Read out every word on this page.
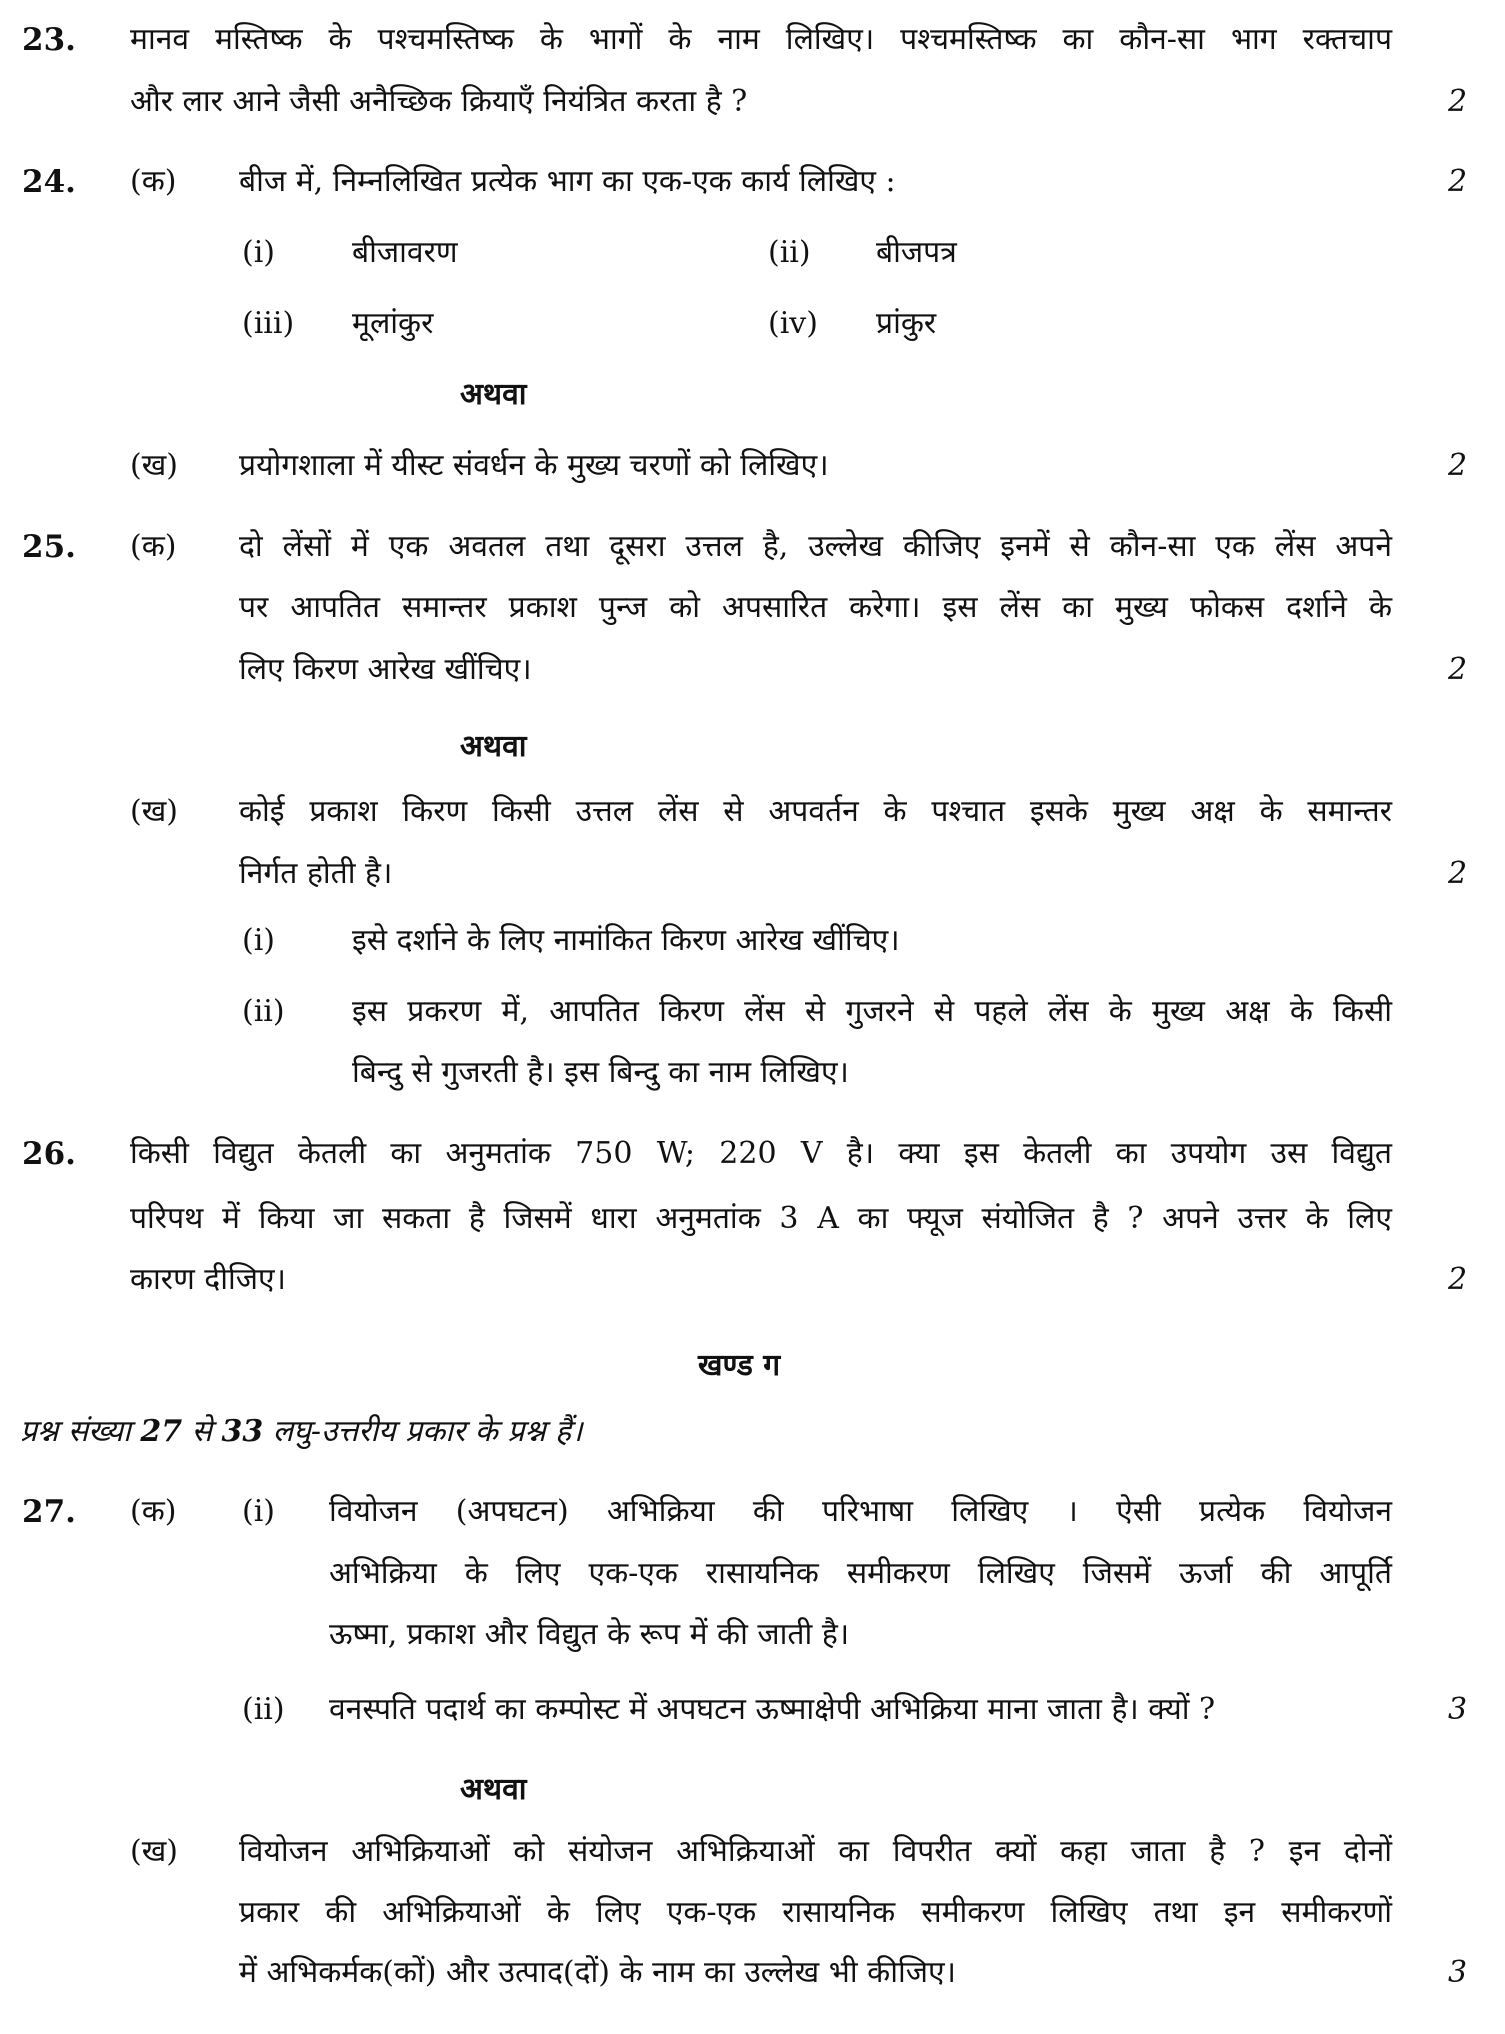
23. मानव मस्तिष्क के पश्चमस्तिष्क के भागों के नाम लिखिए। पश्चमस्तिष्क का कौन-सा भाग रक्तचाप
और लार आने जैसी अनैच्छिक क्रियाएँ नियंत्रित करता है ?	2
24. (क) बीज में, निम्नलिखित प्रत्येक भाग का एक-एक कार्य लिखिए :	2
(i)	बीजावरण	(ii) बीजपत्र
(iii) मूलांकुर	(iv) प्रांकुर
अथवा
(ख) प्रयोगशाला में यीस्ट संवर्धन के मुख्य चरणों को लिखिए।	2
25. (क) दो लेंसों में एक अवतल तथा दूसरा उत्तल है, उल्लेख कीजिए इनमें से कौन-सा एक लेंस अपने
पर आपतित समान्तर प्रकाश पुन्ज को अपसारित करेगा। इस लेंस का मुख्य फोकस दर्शाने के
लिए किरण आरेख खींचिए।	2
अथवा
(ख) कोई प्रकाश किरण किसी उत्तल लेंस से अपवर्तन के पश्चात इसके मुख्य अक्ष के समान्तर
निर्गत होती है।	2
(i)	इसे दर्शाने के लिए नामांकित किरण आरेख खींचिए।
(ii) इस प्रकरण में, आपतित किरण लेंस से गुजरने से पहले लेंस के मुख्य अक्ष के किसी
बिन्दु से गुजरती है। इस बिन्दु का नाम लिखिए।
26. किसी विद्युत केतली का अनुमतांक 750 W; 220 V है। क्या इस केतली का उपयोग उस विद्युत
परिपथ में किया जा सकता है जिसमें धारा अनुमतांक 3 A का फ्यूज संयोजित है ? अपने उत्तर के लिए
कारण दीजिए।	2
खण्ड ग
प्रश्न संख्या 27 से 33 लघु-उत्तरीय प्रकार के प्रश्न हैं।
27. (क) (i) वियोजन (अपघटन) अभिक्रिया की परिभाषा लिखिए । ऐसी प्रत्येक वियोजन
अभिक्रिया के लिए एक-एक रासायनिक समीकरण लिखिए जिसमें ऊर्जा की आपूर्ति
ऊष्मा, प्रकाश और विद्युत के रूप में की जाती है।
(ii) वनस्पति पदार्थ का कम्पोस्ट में अपघटन ऊष्माक्षेपी अभिक्रिया माना जाता है। क्यों ?	3
अथवा
(ख) वियोजन अभिक्रियाओं को संयोजन अभिक्रियाओं का विपरीत क्यों कहा जाता है ? इन दोनों
प्रकार की अभिक्रियाओं के लिए एक-एक रासायनिक समीकरण लिखिए तथा इन समीकरणों
में अभिकर्मक(कों) और उत्पाद(दों) के नाम का उल्लेख भी कीजिए।	3
